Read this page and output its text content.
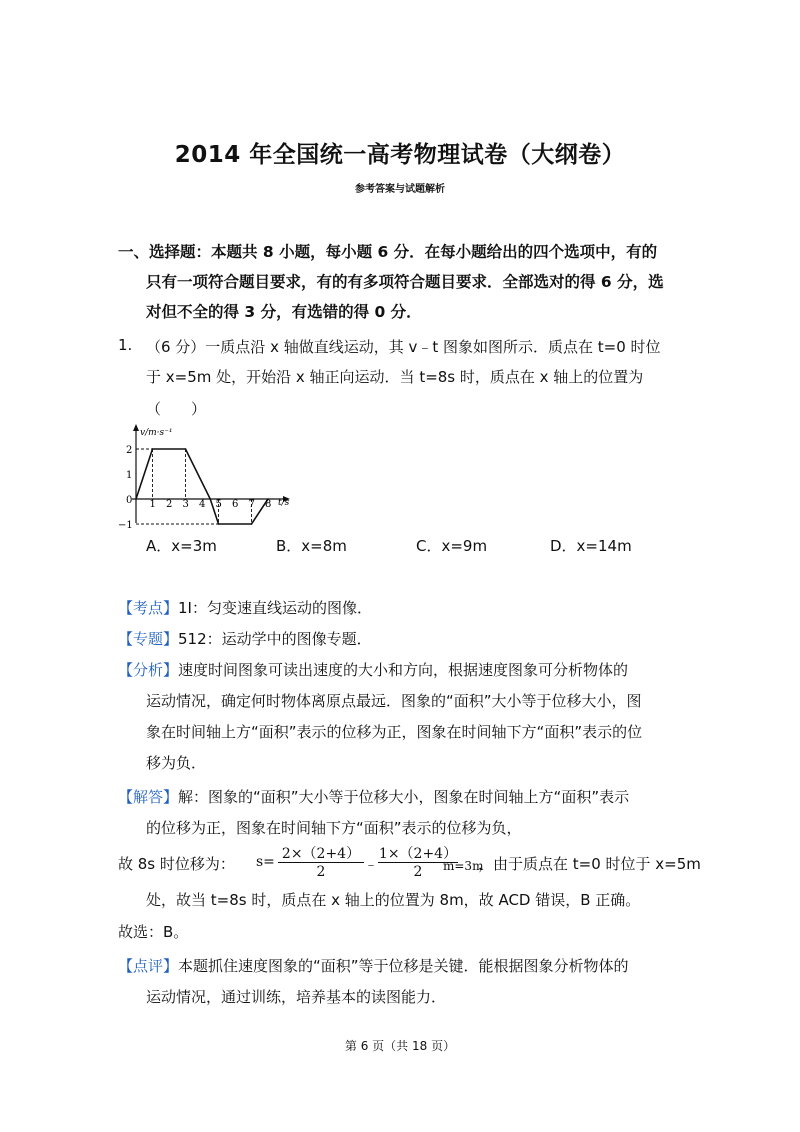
2014 年全国统一高考物理试卷（大纲卷）
参考答案与试题解析
一、选择题：本题共 8 小题，每小题 6 分．在每小题给出的四个选项中，有的
只有一项符合题目要求，有的有多项符合题目要求．全部选对的得 6 分，选
对但不全的得 3 分，有选错的得 0 分．
1. （6 分）一质点沿 x 轴做直线运动，其 v﹣t 图象如图所示．质点在 t=0 时位
于 x=5m 处，开始沿 x 轴正向运动．当 t=8s 时，质点在 x 轴上的位置为
（　　）
v/m·s⁻¹
t/s
0
2
1
−1
1 2 3 4 5 6 7 8
A．x=3m	B．x=8m	C．x=9m	D．x=14m
【考点】1I：匀变速直线运动的图像．
【专题】512：运动学中的图像专题．
【分析】速度时间图象可读出速度的大小和方向，根据速度图象可分析物体的
运动情况，确定何时物体离原点最远．图象的“面积”大小等于位移大小，图
象在时间轴上方“面积”表示的位移为正，图象在时间轴下方“面积”表示的位
移为负．
【解答】解：图象的“面积”大小等于位移大小，图象在时间轴上方“面积”表示
的位移为正，图象在时间轴下方“面积”表示的位移为负，
故 8s 时位移为： s= 2×（2+4）
2	﹣
1×（2+4）
2	m=3m
，由于质点在 t=0 时位于 x=5m
处，故当 t=8s 时，质点在 x 轴上的位置为 8m，故 ACD 错误，B 正确。
故选：B。
【点评】本题抓住速度图象的“面积”等于位移是关键．能根据图象分析物体的
运动情况，通过训练，培养基本的读图能力．
第 6 页（共 18 页）
